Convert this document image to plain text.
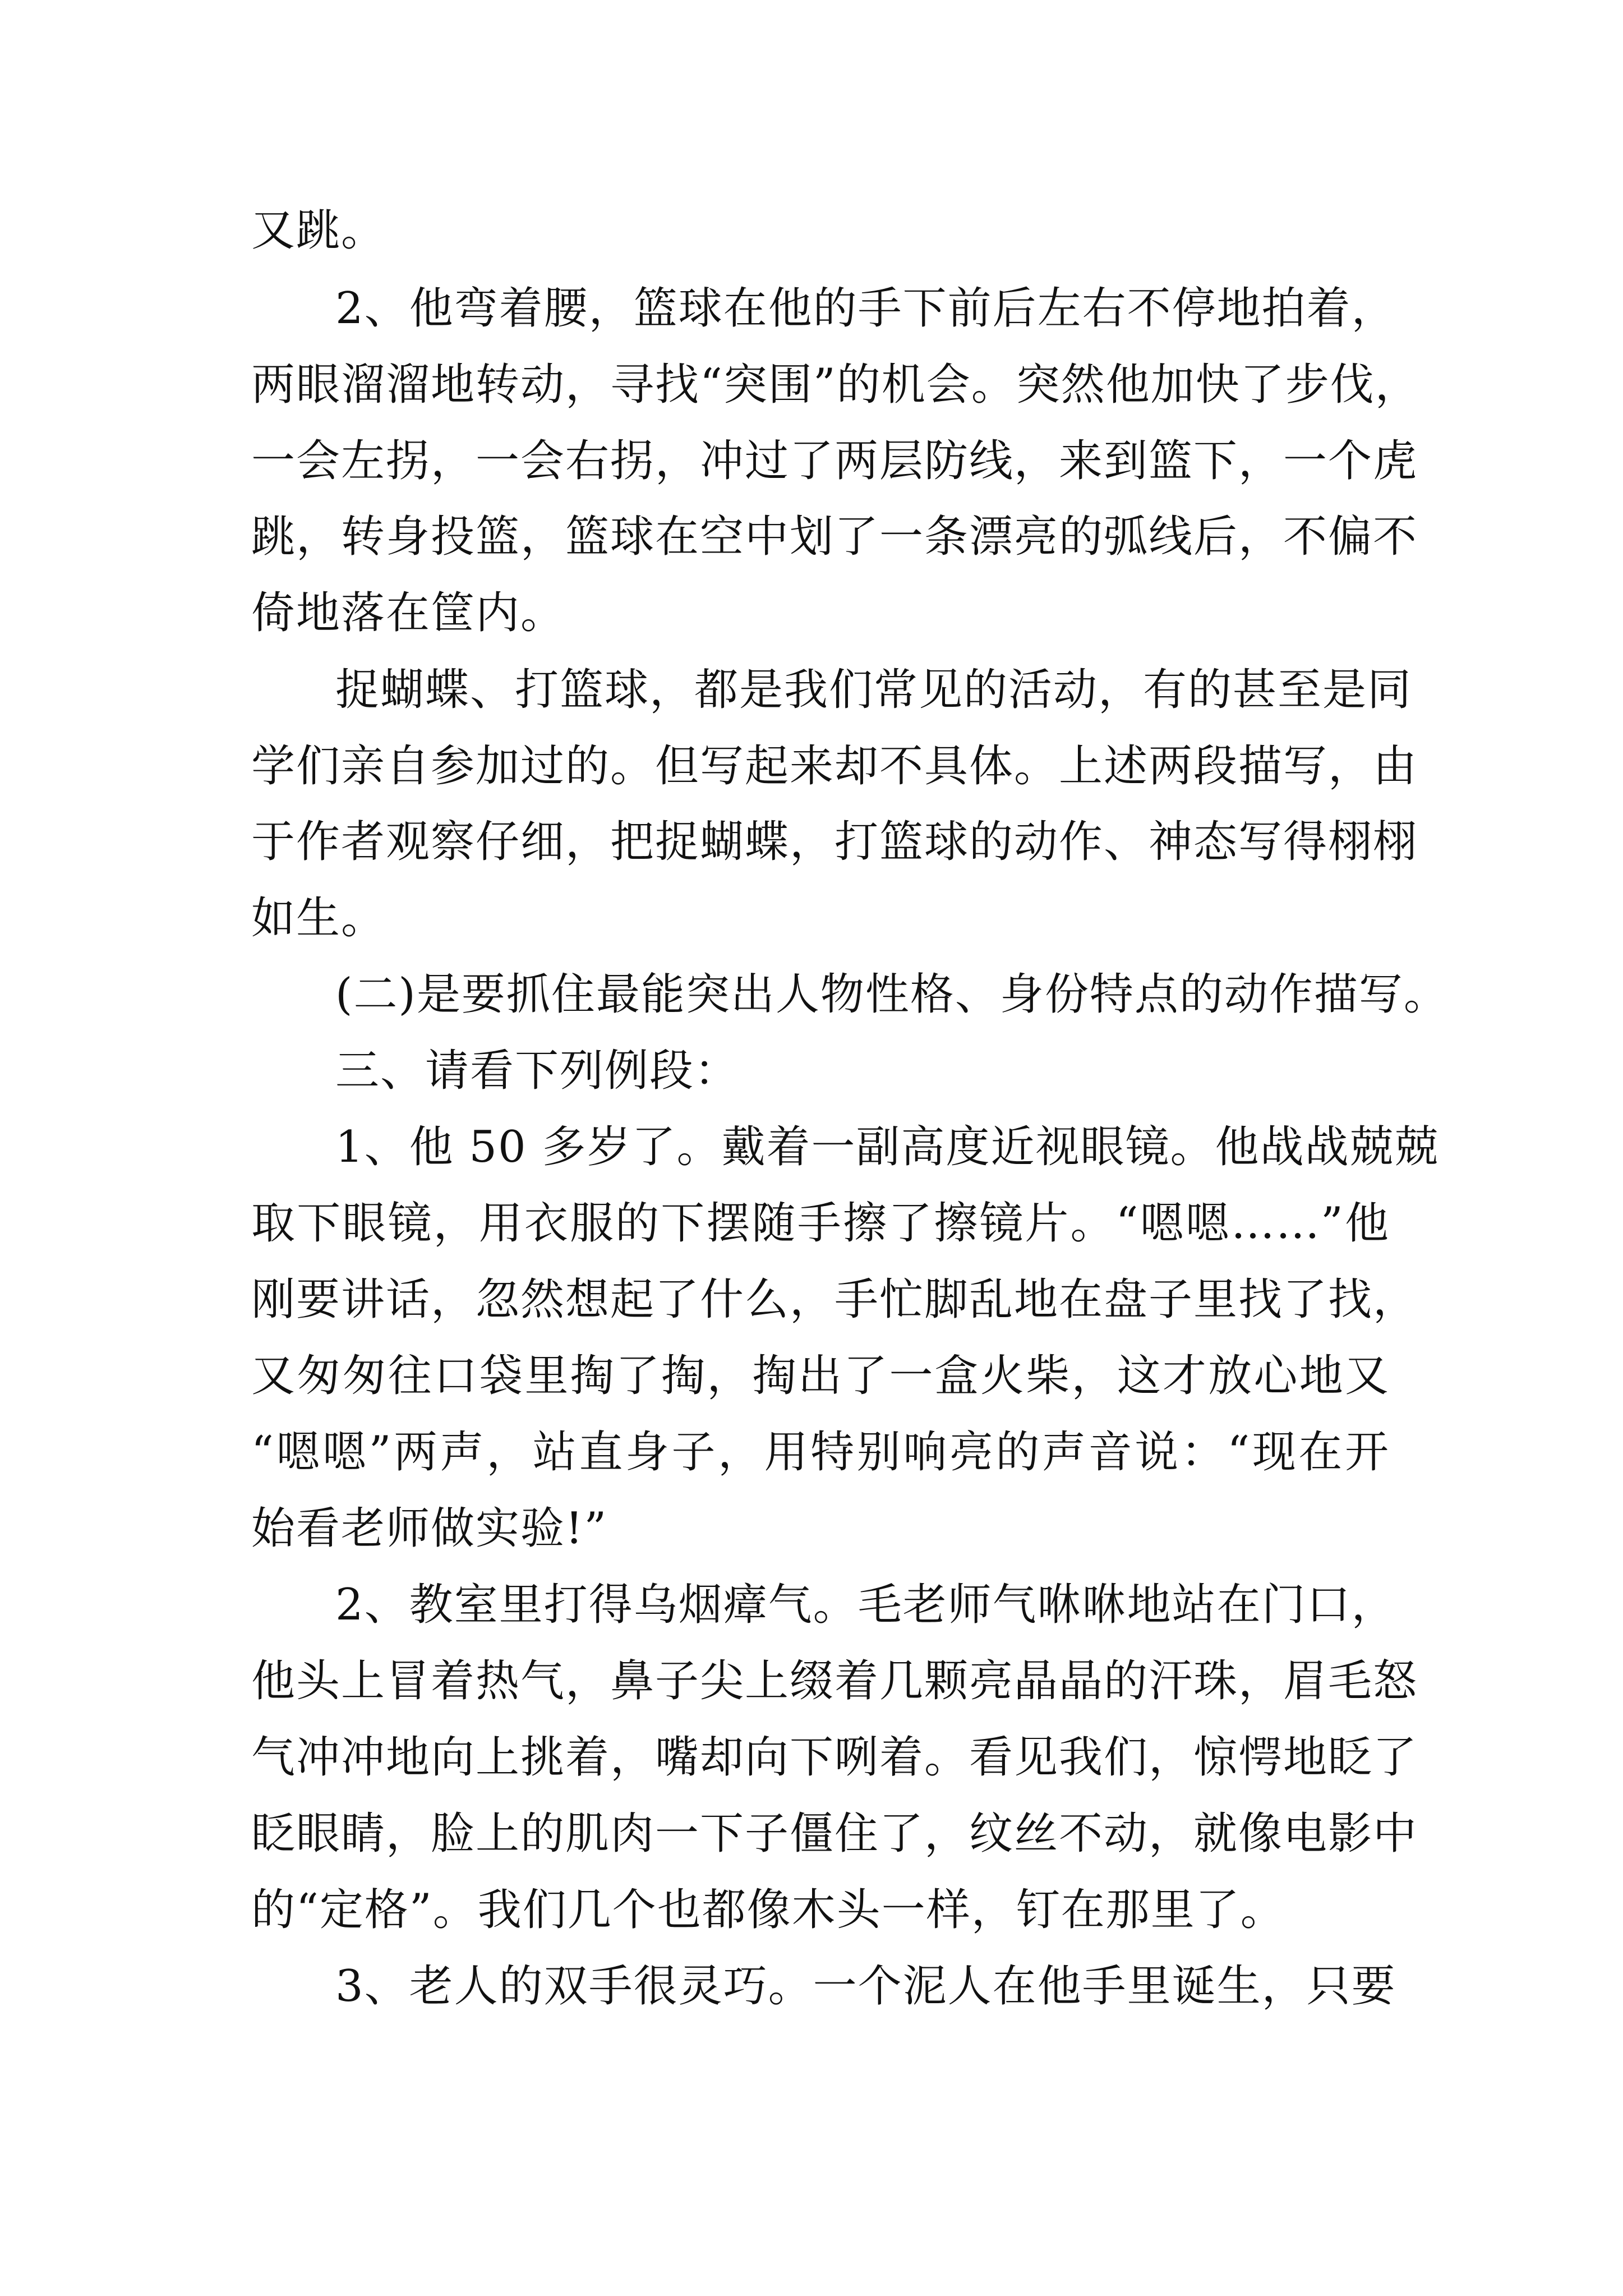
又跳。
2、他弯着腰，篮球在他的手下前后左右不停地拍着，
两眼溜溜地转动，寻找“突围”的机会。突然他加快了步伐，
一会左拐，一会右拐，冲过了两层防线，来到篮下，一个虎
跳，转身投篮，篮球在空中划了一条漂亮的弧线后，不偏不
倚地落在筐内。
捉蝴蝶、打篮球，都是我们常见的活动，有的甚至是同
学们亲自参加过的。但写起来却不具体。上述两段描写，由
于作者观察仔细，把捉蝴蝶，打篮球的动作、神态写得栩栩
如生。
(二)是要抓住最能突出人物性格、身份特点的动作描写。
三、请看下列例段：
1、他 50 多岁了。戴着一副高度近视眼镜。他战战兢兢
取下眼镜，用衣服的下摆随手擦了擦镜片。“嗯嗯……”他
刚要讲话，忽然想起了什么，手忙脚乱地在盘子里找了找，
又匆匆往口袋里掏了掏，掏出了一盒火柴，这才放心地又
“嗯嗯”两声，站直身子，用特别响亮的声音说：“现在开
始看老师做实验!”
2、教室里打得乌烟瘴气。毛老师气咻咻地站在门口，
他头上冒着热气，鼻子尖上缀着几颗亮晶晶的汗珠，眉毛怒
气冲冲地向上挑着，嘴却向下咧着。看见我们，惊愕地眨了
眨眼睛，脸上的肌肉一下子僵住了，纹丝不动，就像电影中
的“定格”。我们几个也都像木头一样，钉在那里了。
3、老人的双手很灵巧。一个泥人在他手里诞生，只要
